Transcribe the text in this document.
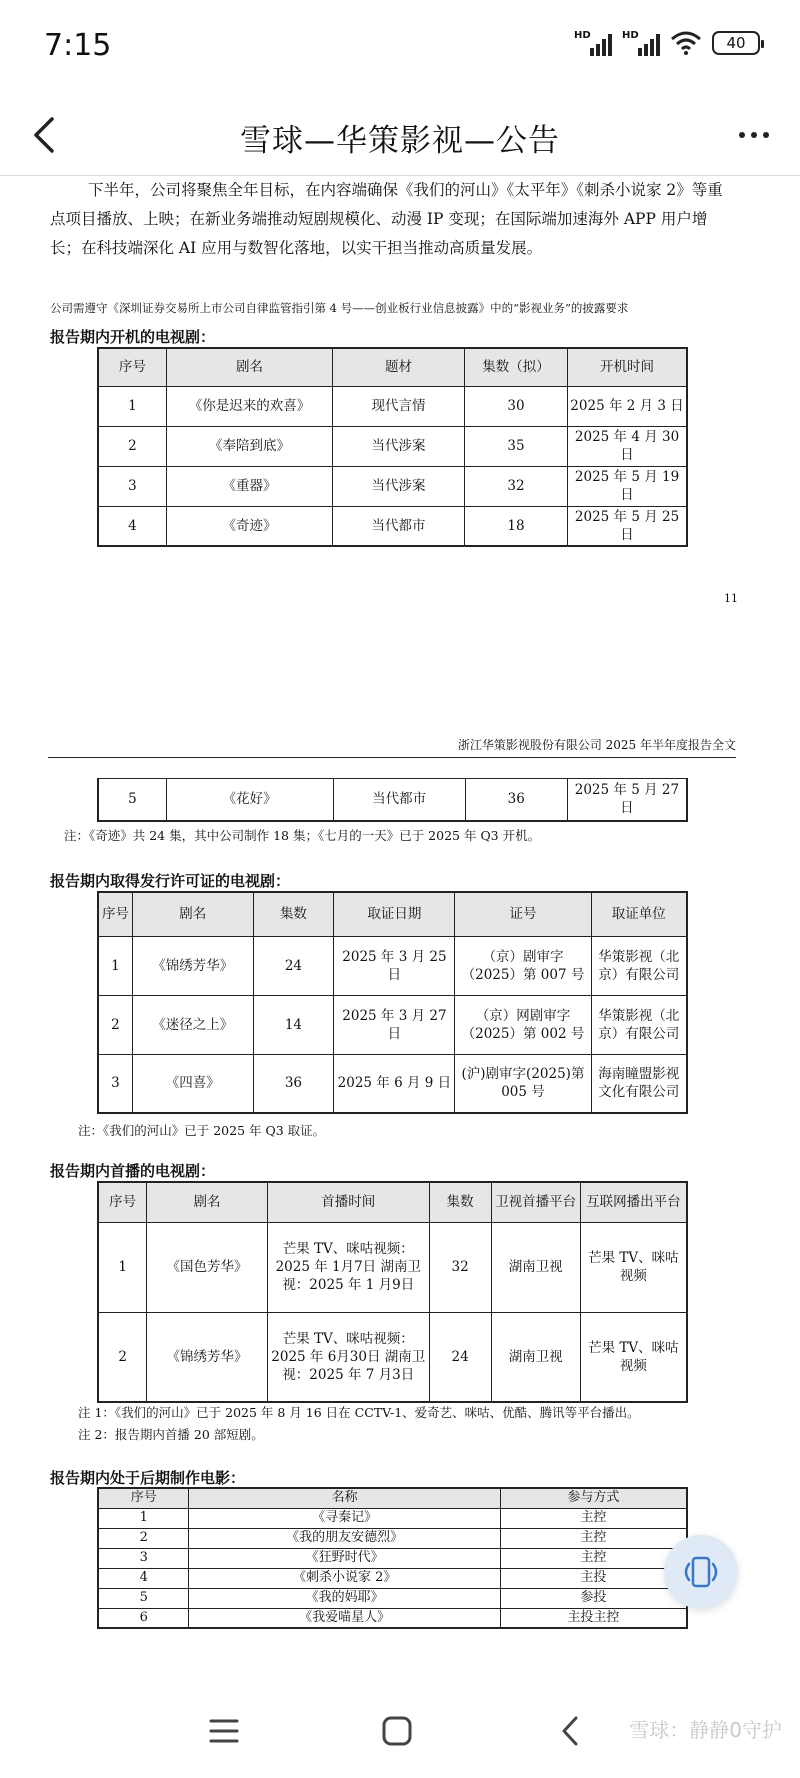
7:15	HD	HD	40
雪球—华策影视—公告
下半年，公司将聚焦全年目标，在内容端确保《我们的河山》《太平年》《刺杀小说家 2》等重点项目播放、上映；在新业务端推动短剧规模化、动漫 IP 变现；在国际端加速海外 APP 用户增长；在科技端深化 AI 应用与数智化落地，以实干担当推动高质量发展。
公司需遵守《深圳证券交易所上市公司自律监管指引第 4 号——创业板行业信息披露》中的“影视业务”的披露要求
报告期内开机的电视剧：
序号	剧名	题材	集数（拟）	开机时间
1	《你是迟来的欢喜》	现代言情	30	2025 年 2 月 3 日
2	《奉陪到底》	当代涉案	35	2025 年 4 月 30 日
3	《重器》	当代涉案	32	2025 年 5 月 19 日
4	《奇迹》	当代都市	18	2025 年 5 月 25 日
11
浙江华策影视股份有限公司 2025 年半年度报告全文
5	《花好》	当代都市	36	2025 年 5 月 27 日
注：《奇迹》共 24 集，其中公司制作 18 集；《七月的一天》已于 2025 年 Q3 开机。
报告期内取得发行许可证的电视剧：
序号	剧名	集数	取证日期	证号	取证单位
1	《锦绣芳华》	24	2025 年 3 月 25 日	（京）剧审字（2025）第 007 号	华策影视（北京）有限公司
2	《迷径之上》	14	2025 年 3 月 27 日	（京）网剧审字（2025）第 002 号	华策影视（北京）有限公司
3	《四喜》	36	2025 年 6 月 9 日	(沪)剧审字(2025)第 005 号	海南瞳盟影视文化有限公司
注：《我们的河山》已于 2025 年 Q3 取证。
报告期内首播的电视剧：
序号	剧名	首播时间	集数	卫视首播平台	互联网播出平台
1	《国色芳华》	芒果 TV、咪咕视频：2025 年 1月7日 湖南卫视：2025 年 1 月9日	32	湖南卫视	芒果 TV、咪咕视频
2	《锦绣芳华》	芒果 TV、咪咕视频：2025 年 6月30日 湖南卫视：2025 年 7 月3日	24	湖南卫视	芒果 TV、咪咕视频
注 1：《我们的河山》已于 2025 年 8 月 16 日在 CCTV-1、爱奇艺、咪咕、优酷、腾讯等平台播出。
注 2：报告期内首播 20 部短剧。
报告期内处于后期制作电影：
序号	名称	参与方式
1	《寻秦记》	主控
2	《我的朋友安德烈》	主控
3	《狂野时代》	主控
4	《刺杀小说家 2》	主投
5	《我的妈耶》	参投
6	《我爱喵星人》	主投主控
雪球：静静0守护
